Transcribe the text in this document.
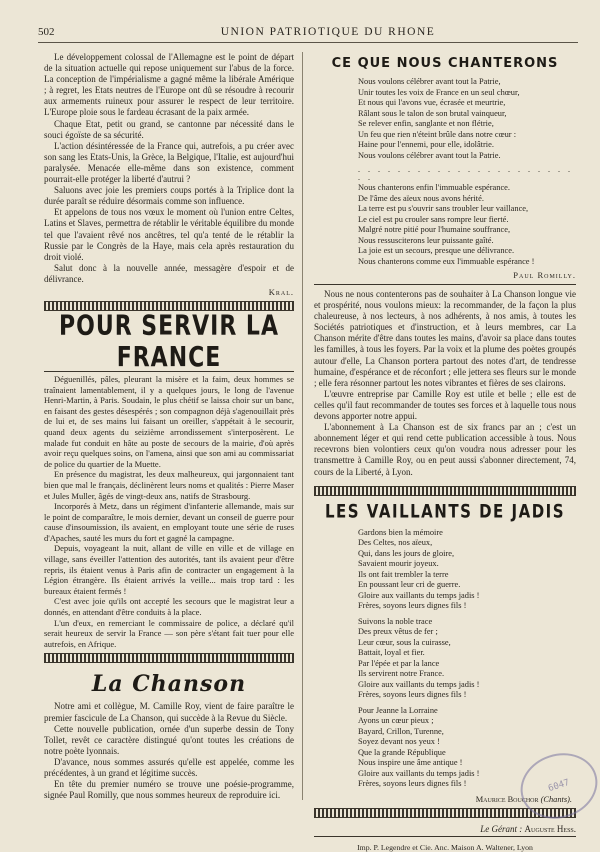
502	UNION PATRIOTIQUE DU RHONE

Le développement colossal de l'Allemagne est le point de départ de la situation actuelle qui repose uniquement sur l'abus de la force. La conception de l'impérialisme a gagné même la libérale Amérique ; à regret, les Etats neutres de l'Europe ont dû se résoudre à recourir aux armements ruineux pour assurer le respect de leur territoire. L'Europe ploie sous le fardeau écrasant de la paix armée.

Chaque Etat, petit ou grand, se cantonne par nécessité dans le souci égoïste de sa sécurité.

L'action désintéressée de la France qui, autrefois, a pu créer avec son sang les Etats-Unis, la Grèce, la Belgique, l'Italie, est aujourd'hui paralysée. Menacée elle-même dans son existence, comment pourrait-elle protéger la liberté d'autrui ?

Saluons avec joie les premiers coups portés à la Triplice dont la durée paraît se réduire désormais comme son influence.

Et appelons de tous nos vœux le moment où l'union entre Celtes, Latins et Slaves, permettra de rétablir le véritable équilibre du monde tel que l'avaient rêvé nos ancêtres, tel qu'a tenté de le rétablir la Russie par le Congrès de la Haye, mais cela après restauration du droit violé.

Salut donc à la nouvelle année, messagère d'espoir et de délivrance.

Kral.
POUR SERVIR LA FRANCE

Déguenillés, pâles, pleurant la misère et la faim, deux hommes se traînaient lamentablement, il y a quelques jours, le long de l'avenue Henri-Martin, à Paris. Soudain, le plus chétif se laissa choir sur un banc, en faisant des gestes désespérés ; son compagnon déjà s'agenouillait près de lui et, de ses mains lui faisant un oreiller, s'appétait à le secourir, quand deux agents du seizième arrondissement s'interposèrent. Le malade fut conduit en hâte au poste de secours de la mairie, d'où après avoir reçu quelques soins, on l'amena, ainsi que son ami au commissariat de police du quartier de la Muette.

En présence du magistrat, les deux malheureux, qui jargonnaient tant bien que mal le français, déclinèrent leurs noms et qualités : Pierre Maser et Jules Muller, âgés de vingt-deux ans, natifs de Strasbourg.

Incorporés à Metz, dans un régiment d'infanterie allemande, mais sur le point de comparaître, le mois dernier, devant un conseil de guerre pour cause d'insoumission, ils avaient, en employant toute une série de ruses d'Apaches, sauté les murs du fort et gagné la campagne.

Depuis, voyageant la nuit, allant de ville en ville et de village en village, sans éveiller l'attention des autorités, tant ils avaient peur d'être repris, ils étaient venus à Paris afin de contracter un engagement à la Légion étrangère. Ils étaient arrivés la veille... mais trop tard : les bureaux étaient fermés !

C'est avec joie qu'ils ont accepté les secours que le magistrat leur a donnés, en attendant d'être conduits à la place.

L'un d'eux, en remerciant le commissaire de police, a déclaré qu'il serait heureux de servir la France — son père s'étant fait tuer pour elle autrefois, en Afrique.

La Chanson

Notre ami et collègue, M. Camille Roy, vient de faire paraître le premier fascicule de La Chanson, qui succède à la Revue du Siècle.

Cette nouvelle publication, ornée d'un superbe dessin de Tony Tollet, revêt ce caractère distingué qu'ont toutes les créations de notre poète lyonnais.

D'avance, nous sommes assurés qu'elle est appelée, comme les précédentes, à un grand et légitime succès.

En tête du premier numéro se trouve une poésie-programme, signée Paul Romilly, que nous sommes heureux de reproduire ici.

CE QUE NOUS CHANTERONS
Nous voulons célébrer avant tout la Patrie,
Unir toutes les voix de France en un seul chœur,
Et nous qui l'avons vue, écrasée et meurtrie,
Râlant sous le talon de son brutal vainqueur,
Se relever enfin, sanglante et non flétrie,
Un feu que rien n'éteint brûle dans notre cœur :
Haine pour l'ennemi, pour elle, idolâtrie.
Nous voulons célébrer avant tout la Patrie.
. . . . . . . . . . . . . . . . . . . . . . . .
Nous chanterons enfin l'immuable espérance.
De l'âme des aïeux nous avons hérité.
La terre est pu s'ouvrir sans troubler leur vaillance,
Le ciel est pu crouler sans rompre leur fierté.
Malgré notre pitié pour l'humaine souffrance,
Nous ressusciterons leur puissante gaîté.
La joie est un secours, presque une délivrance.
Nous chanterons comme eux l'immuable espérance !
Paul Romilly.

Nous ne nous contenterons pas de souhaiter à La Chanson longue vie et prospérité, nous voulons mieux: la recommander, de la façon la plus chaleureuse, à nos lecteurs, à nos adhérents, à nos amis, à toutes les Sociétés patriotiques et d'instruction, et à leurs membres, car La Chanson mérite d'être dans toutes les mains, d'avoir sa place dans toutes les familles, à tous les foyers. Par la voix et la plume des poètes groupés autour d'elle, La Chanson portera partout des notes d'art, de tendresse humaine, d'espérance et de réconfort ; elle jettera ses fleurs sur le monde ; elle fera résonner partout les notes vibrantes et fières de ses clairons.

L'œuvre entreprise par Camille Roy est utile et belle ; elle est de celles qu'il faut recommander de toutes ses forces et à laquelle tous nous devons apporter notre appui.

L'abonnement à La Chanson est de six francs par an ; c'est un abonnement léger et qui rend cette publication accessible à tous. Nous recevrons bien volontiers ceux qu'on voudra nous adresser pour les transmettre à Camille Roy, ou en peut aussi s'abonner directement, 74, cours de la Liberté, à Lyon.

LES VAILLANTS DE JADIS
Gardons bien la mémoire
Des Celtes, nos aïeux,
Qui, dans les jours de gloire,
Savaient mourir joyeux.
Ils ont fait trembler la terre
En poussant leur cri de guerre.
Gloire aux vaillants du temps jadis !
Frères, soyons leurs dignes fils !
Suivons la noble trace
Des preux vêtus de fer ;
Leur cœur, sous la cuirasse,
Battait, loyal et fier.
Par l'épée et par la lance
Ils servirent notre France.
Gloire aux vaillants du temps jadis !
Frères, soyons leurs dignes fils !
Pour Jeanne la Lorraine
Ayons un cœur pieux ;
Bayard, Crillon, Turenne,
Soyez devant nos yeux !
Que la grande République
Nous inspire une âme antique !
Gloire aux vaillants du temps jadis !
Frères, soyons leurs dignes fils !
Maurice Bouchor (Chants).
Le Gérant : Auguste Hess.
Imp. P. Legendre et Cie. Anc. Maison A. Waltener, Lyon
6047
